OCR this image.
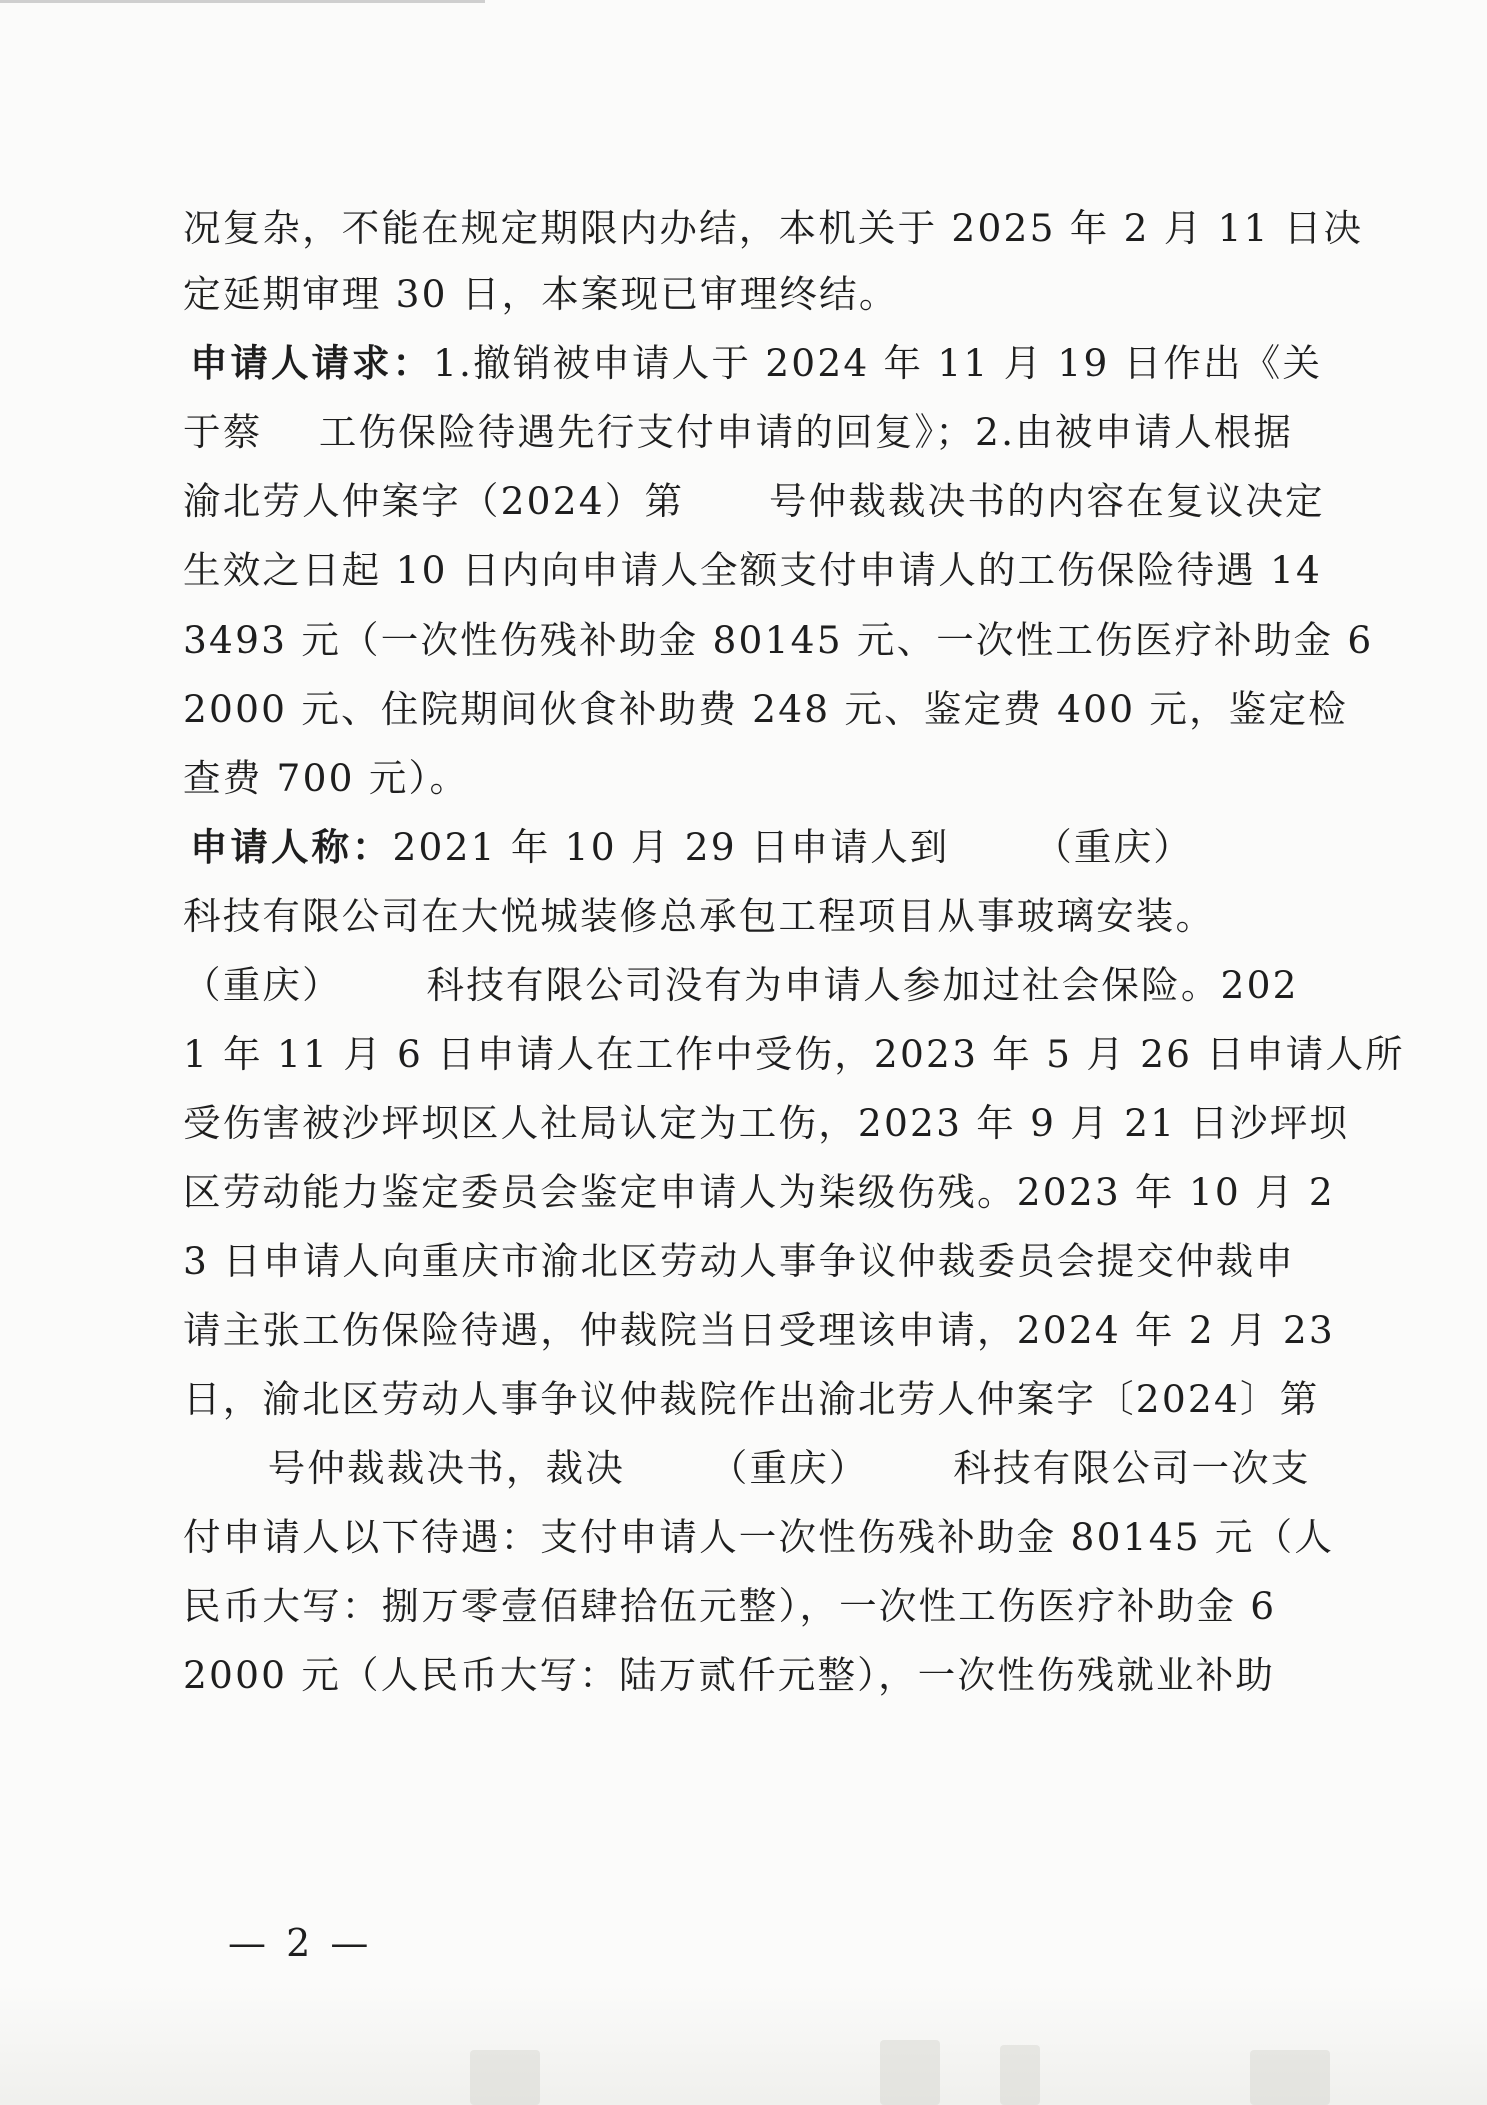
况复杂，不能在规定期限内办结，本机关于 2025 年 2 月 11 日决
定延期审理 30 日，本案现已审理终结。
申请人请求：1.撤销被申请人于 2024 年 11 月 19 日作出《关
于蔡    工伤保险待遇先行支付申请的回复》；2.由被申请人根据
渝北劳人仲案字（2024）第      号仲裁裁决书的内容在复议决定
生效之日起 10 日内向申请人全额支付申请人的工伤保险待遇 14
3493 元（一次性伤残补助金 80145 元、一次性工伤医疗补助金 6
2000 元、住院期间伙食补助费 248 元、鉴定费 400 元，鉴定检
查费 700 元）。
申请人称：2021 年 10 月 29 日申请人到      （重庆）
科技有限公司在大悦城装修总承包工程项目从事玻璃安装。
（重庆）      科技有限公司没有为申请人参加过社会保险。202
1 年 11 月 6 日申请人在工作中受伤，2023 年 5 月 26 日申请人所
受伤害被沙坪坝区人社局认定为工伤，2023 年 9 月 21 日沙坪坝
区劳动能力鉴定委员会鉴定申请人为柒级伤残。2023 年 10 月 2
3 日申请人向重庆市渝北区劳动人事争议仲裁委员会提交仲裁申
请主张工伤保险待遇，仲裁院当日受理该申请，2024 年 2 月 23
日，渝北区劳动人事争议仲裁院作出渝北劳人仲案字〔2024〕第
号仲裁裁决书，裁决      （重庆）      科技有限公司一次支
付申请人以下待遇：支付申请人一次性伤残补助金 80145 元（人
民币大写：捌万零壹佰肆拾伍元整），一次性工伤医疗补助金 6
2000 元（人民币大写：陆万贰仟元整），一次性伤残就业补助
— 2 —
